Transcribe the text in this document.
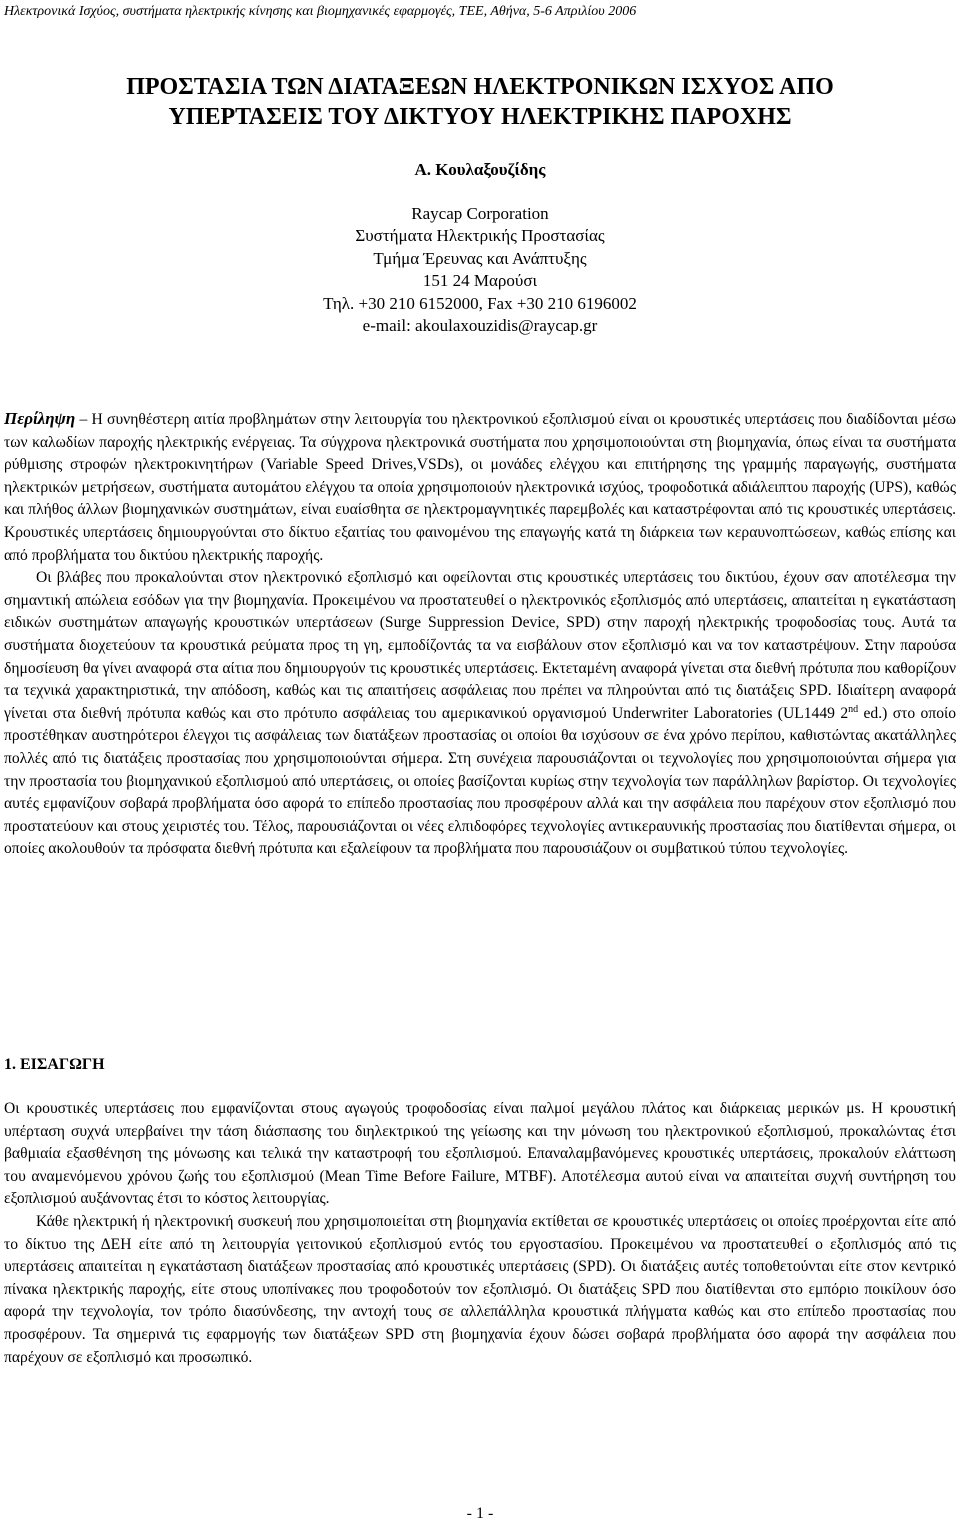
Ηλεκτρονικά Ισχύος, συστήματα ηλεκτρικής κίνησης και βιομηχανικές εφαρμογές, ΤΕΕ, Αθήνα, 5-6 Απριλίου 2006
ΠΡΟΣΤΑΣΙΑ ΤΩΝ ΔΙΑΤΑΞΕΩΝ ΗΛΕΚΤΡΟΝΙΚΩΝ ΙΣΧΥΟΣ ΑΠΟ
ΥΠΕΡΤΑΣΕΙΣ ΤΟΥ ΔΙΚΤΥΟΥ ΗΛΕΚΤΡΙΚΗΣ ΠΑΡΟΧΗΣ
Α. Κουλαξουζίδης
Raycap Corporation
Συστήματα Ηλεκτρικής Προστασίας
Τμήμα Έρευνας και Ανάπτυξης
151 24 Μαρούσι
Τηλ. +30 210 6152000, Fax +30 210 6196002
e-mail: akoulaxouzidis@raycap.gr

Περίληψη – Η συνηθέστερη αιτία προβλημάτων στην λειτουργία του ηλεκτρονικού εξοπλισμού είναι οι κρουστικές υπερτάσεις που διαδίδονται μέσω των καλωδίων παροχής ηλεκτρικής ενέργειας. Τα σύγχρονα ηλεκτρονικά συστήματα που χρησιμοποιούνται στη βιομηχανία, όπως είναι τα συστήματα ρύθμισης στροφών ηλεκτροκινητήρων (Variable Speed Drives,VSDs), οι μονάδες ελέγχου και επιτήρησης της γραμμής παραγωγής, συστήματα ηλεκτρικών μετρήσεων, συστήματα αυτομάτου ελέγχου τα οποία χρησιμοποιούν ηλεκτρονικά ισχύος, τροφοδοτικά αδιάλειπτου παροχής (UPS), καθώς και πλήθος άλλων βιομηχανικών συστημάτων, είναι ευαίσθητα σε ηλεκτρομαγνητικές παρεμβολές και καταστρέφονται από τις κρουστικές υπερτάσεις. Κρουστικές υπερτάσεις δημιουργούνται στο δίκτυο εξαιτίας του φαινομένου της επαγωγής κατά τη διάρκεια των κεραυνοπτώσεων, καθώς επίσης και από προβλήματα του δικτύου ηλεκτρικής παροχής.

Οι βλάβες που προκαλούνται στον ηλεκτρονικό εξοπλισμό και οφείλονται στις κρουστικές υπερτάσεις του δικτύου, έχουν σαν αποτέλεσμα την σημαντική απώλεια εσόδων για την βιομηχανία. Προκειμένου να προστατευθεί ο ηλεκτρονικός εξοπλισμός από υπερτάσεις, απαιτείται η εγκατάσταση ειδικών συστημάτων απαγωγής κρουστικών υπερτάσεων (Surge Suppression Device, SPD) στην παροχή ηλεκτρικής τροφοδοσίας τους. Αυτά τα συστήματα διοχετεύουν τα κρουστικά ρεύματα προς τη γη, εμποδίζοντάς τα να εισβάλουν στον εξοπλισμό και να τον καταστρέψουν. Στην παρούσα δημοσίευση θα γίνει αναφορά στα αίτια που δημιουργούν τις κρουστικές υπερτάσεις. Εκτεταμένη αναφορά γίνεται στα διεθνή πρότυπα που καθορίζουν τα τεχνικά χαρακτηριστικά, την απόδοση, καθώς και τις απαιτήσεις ασφάλειας που πρέπει να πληρούνται από τις διατάξεις SPD. Ιδιαίτερη αναφορά γίνεται στα διεθνή πρότυπα καθώς και στο πρότυπο ασφάλειας του αμερικανικού οργανισμού Underwriter Laboratories (UL1449 2nd ed.) στο οποίο προστέθηκαν αυστηρότεροι έλεγχοι τις ασφάλειας των διατάξεων προστασίας οι οποίοι θα ισχύσουν σε ένα χρόνο περίπου, καθιστώντας ακατάλληλες πολλές από τις διατάξεις προστασίας που χρησιμοποιούνται σήμερα. Στη συνέχεια παρουσιάζονται οι τεχνολογίες που χρησιμοποιούνται σήμερα για την προστασία του βιομηχανικού εξοπλισμού από υπερτάσεις, οι οποίες βασίζονται κυρίως στην τεχνολογία των παράλληλων βαρίστορ. Οι τεχνολογίες αυτές εμφανίζουν σοβαρά προβλήματα όσο αφορά το επίπεδο προστασίας που προσφέρουν αλλά και την ασφάλεια που παρέχουν στον εξοπλισμό που προστατεύουν και στους χειριστές του. Τέλος, παρουσιάζονται οι νέες ελπιδοφόρες τεχνολογίες αντικεραυνικής προστασίας που διατίθενται σήμερα, οι οποίες ακολουθούν τα πρόσφατα διεθνή πρότυπα και εξαλείφουν τα προβλήματα που παρουσιάζουν οι συμβατικού τύπου τεχνολογίες.

1. ΕΙΣΑΓΩΓΗ

Οι κρουστικές υπερτάσεις που εμφανίζονται στους αγωγούς τροφοδοσίας είναι παλμοί μεγάλου πλάτος και διάρκειας μερικών μs. Η κρουστική υπέρταση συχνά υπερβαίνει την τάση διάσπασης του διηλεκτρικού της γείωσης και την μόνωση του ηλεκτρονικού εξοπλισμού, προκαλώντας έτσι βαθμιαία εξασθένηση της μόνωσης και τελικά την καταστροφή του εξοπλισμού. Επαναλαμβανόμενες κρουστικές υπερτάσεις, προκαλούν ελάττωση του αναμενόμενου χρόνου ζωής του εξοπλισμού (Mean Time Before Failure, MTBF). Αποτέλεσμα αυτού είναι να απαιτείται συχνή συντήρηση του εξοπλισμού αυξάνοντας έτσι το κόστος λειτουργίας.

Κάθε ηλεκτρική ή ηλεκτρονική συσκευή που χρησιμοποιείται στη βιομηχανία εκτίθεται σε κρουστικές υπερτάσεις οι οποίες προέρχονται είτε από το δίκτυο της ΔΕΗ είτε από τη λειτουργία γειτονικού εξοπλισμού εντός του εργοστασίου. Προκειμένου να προστατευθεί ο εξοπλισμός από τις υπερτάσεις απαιτείται η εγκατάσταση διατάξεων προστασίας από κρουστικές υπερτάσεις (SPD). Οι διατάξεις αυτές τοποθετούνται είτε στον κεντρικό πίνακα ηλεκτρικής παροχής, είτε στους υποπίνακες που τροφοδοτούν τον εξοπλισμό. Οι διατάξεις SPD που διατίθενται στο εμπόριο ποικίλουν όσο αφορά την τεχνολογία, τον τρόπο διασύνδεσης, την αντοχή τους σε αλλεπάλληλα κρουστικά πλήγματα καθώς και στο επίπεδο προστασίας που προσφέρουν. Τα σημερινά τις εφαρμογής των διατάξεων SPD στη βιομηχανία έχουν δώσει σοβαρά προβλήματα όσο αφορά την ασφάλεια που παρέχουν σε εξοπλισμό και προσωπικό.

- 1 -
